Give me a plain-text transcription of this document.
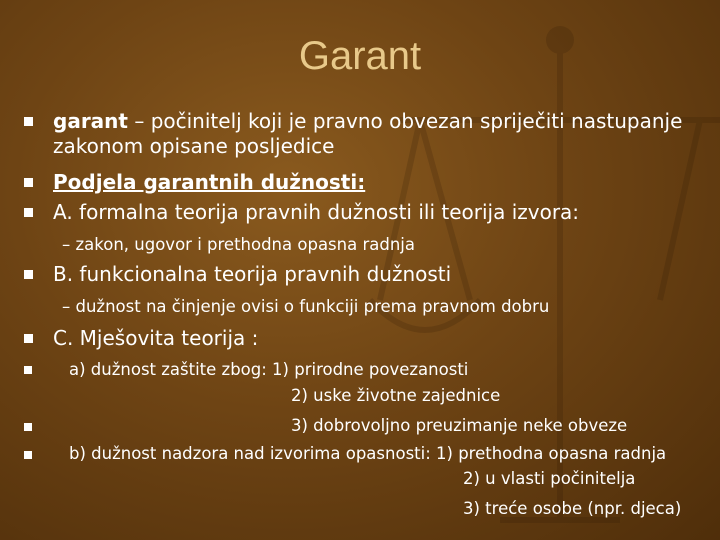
Garant
garant – počinitelj koji je pravno obvezan spriječiti nastupanje
zakonom opisane posljedice
Podjela garantnih dužnosti:
A. formalna teorija pravnih dužnosti ili teorija izvora:
– zakon, ugovor i prethodna opasna radnja
B. funkcionalna teorija pravnih dužnosti
– dužnost na činjenje ovisi o funkciji prema pravnom dobru
C. Mješovita teorija :
a) dužnost zaštite zbog: 1) prirodne povezanosti
2) uske životne zajednice
3) dobrovoljno preuzimanje neke obveze
b) dužnost nadzora nad izvorima opasnosti: 1) prethodna opasna radnja
2) u vlasti počinitelja
3) treće osobe (npr. djeca)
